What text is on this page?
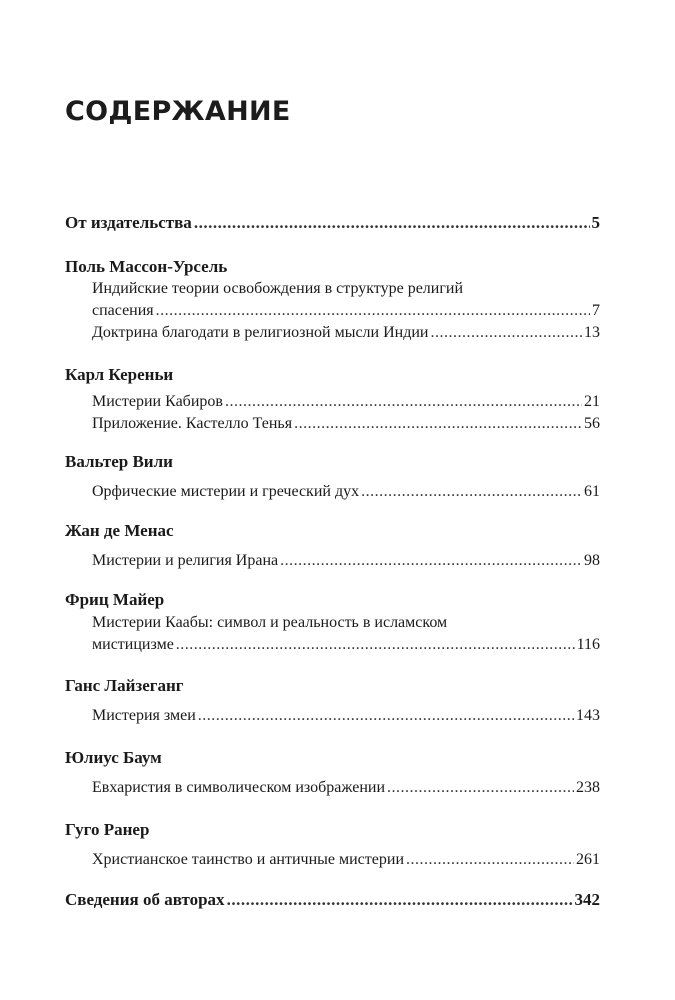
СОДЕРЖАНИЕ
От издательства .....	5
Поль Массон-Урсель
Индийские теории освобождения в структуре религий
спасения .....	7
Доктрина благодати в религиозной мысли Индии .....	13
Карл Кереньи
Мистерии Кабиров .....	21
Приложение. Кастелло Тенья .....	56
Вальтер Вили
Орфические мистерии и греческий дух .....	61
Жан де Менас
Мистерии и религия Ирана .....	98
Фриц Майер
Мистерии Каабы: символ и реальность в исламском
мистицизме .....	116
Ганс Лайзеганг
Мистерия змеи .....	143
Юлиус Баум
Евхаристия в символическом изображении .....	238
Гуго Ранер
Христианское таинство и античные мистерии .....	261
Сведения об авторах .....	342
